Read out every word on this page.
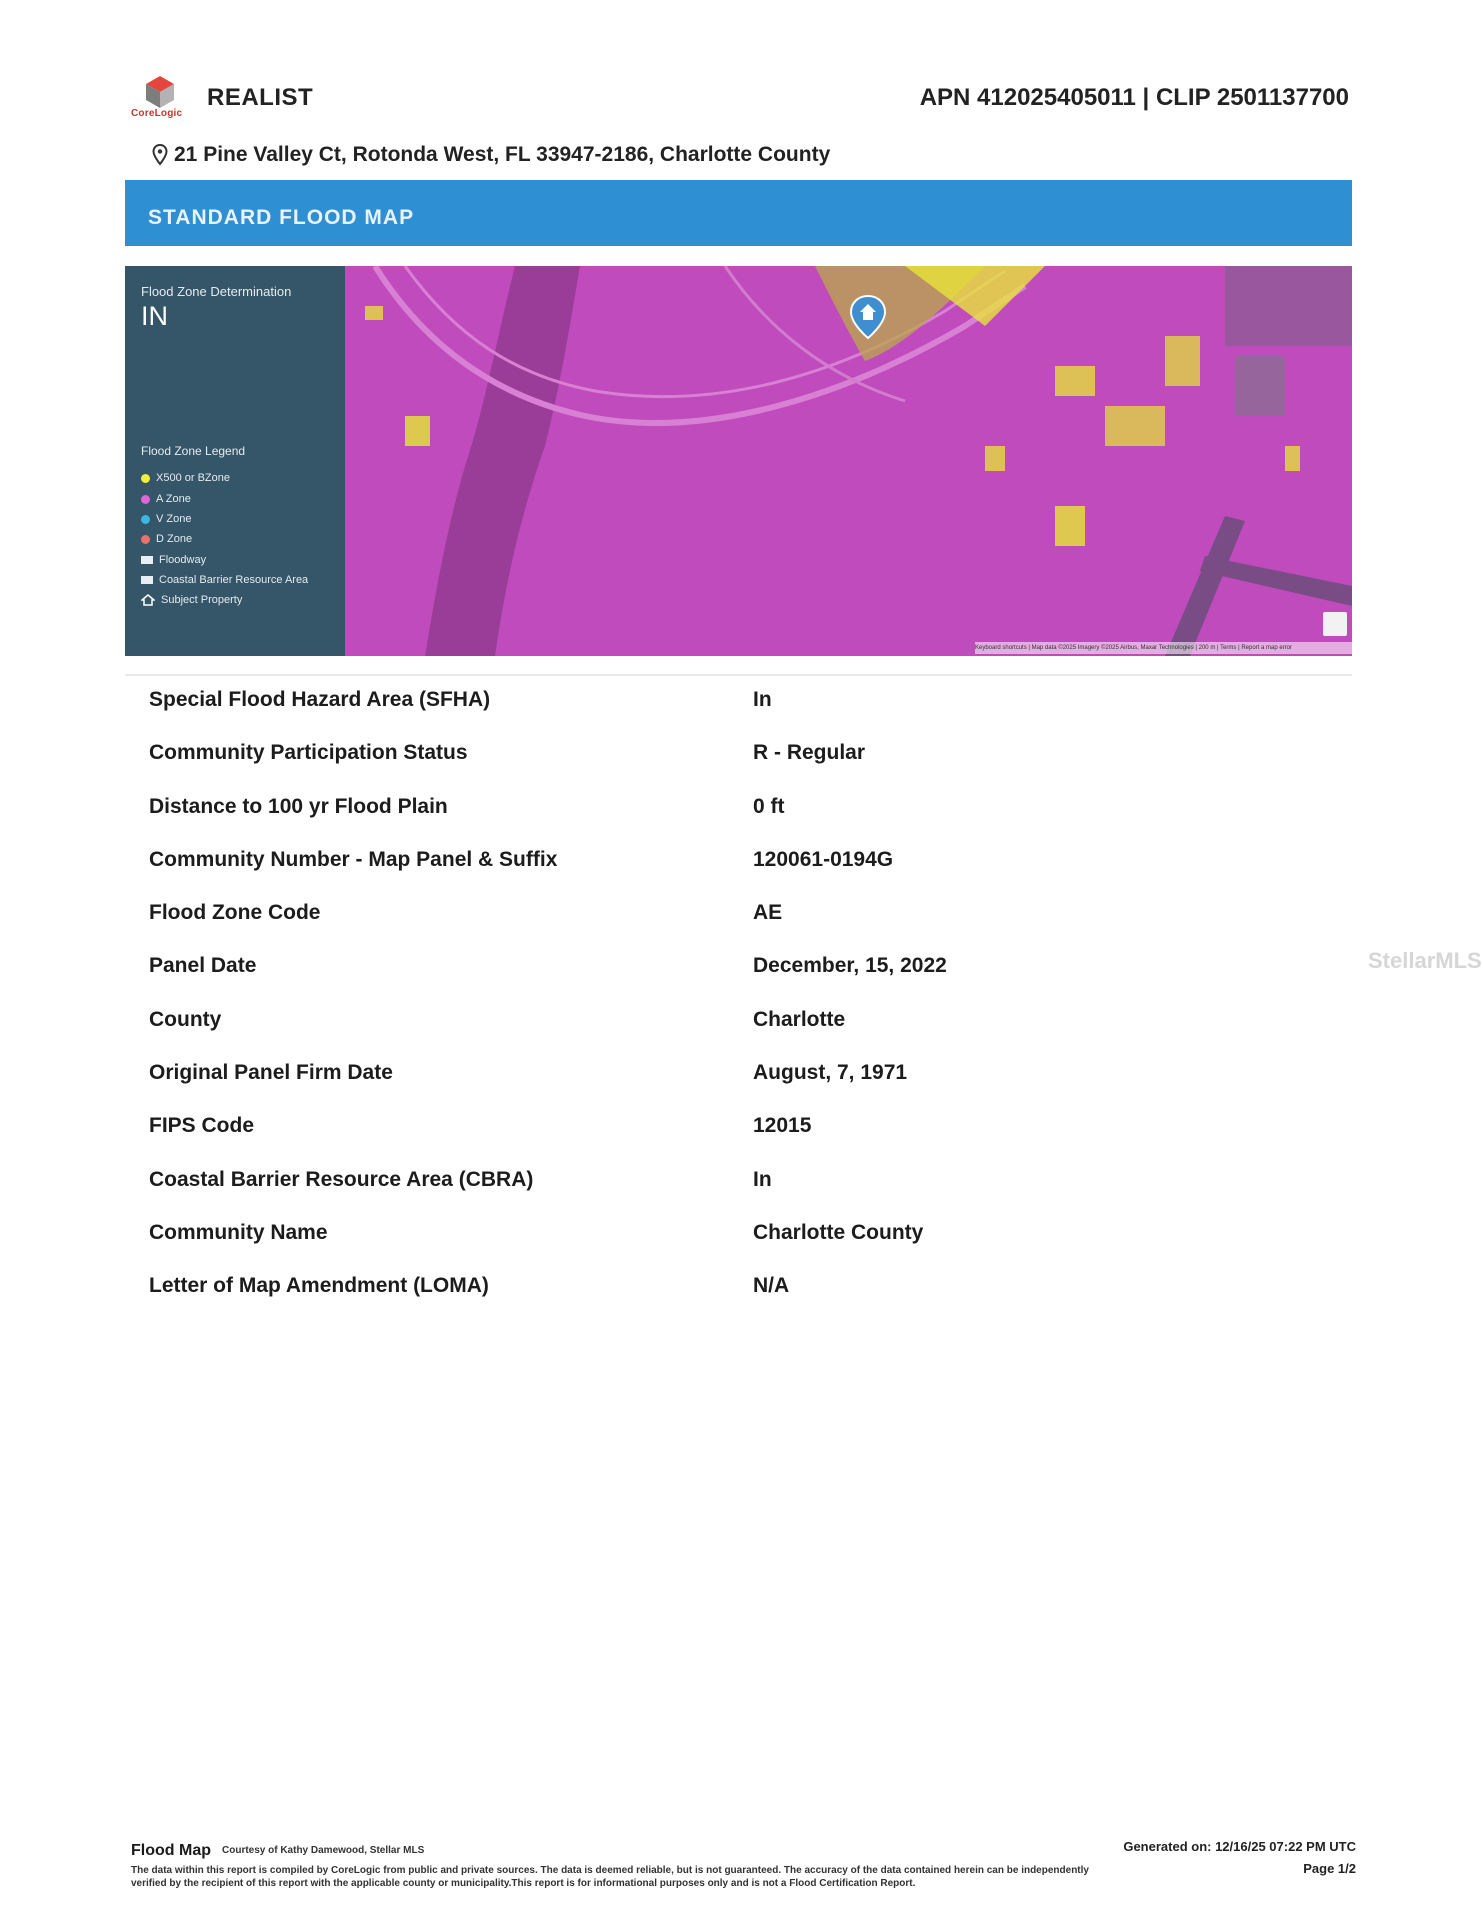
CoreLogic
REALIST	APN 412025405011 | CLIP 2501137700
21 Pine Valley Ct, Rotonda West, FL 33947-2186, Charlotte County
STANDARD FLOOD MAP
Flood Zone Determination
IN
Flood Zone Legend
X500 or BZone
A Zone
V Zone
D Zone
Floodway
Coastal Barrier Resource Area
Subject Property
Keyboard shortcuts | Map data ©2025 Imagery ©2025 Airbus, Maxar Technologies | 200 m | Terms | Report a map error
Special Flood Hazard Area (SFHA)	In
Community Participation Status	R - Regular
Distance to 100 yr Flood Plain	0 ft
Community Number - Map Panel & Suffix	120061-0194G
Flood Zone Code	AE
Panel Date	December, 15, 2022
County	Charlotte
Original Panel Firm Date	August, 7, 1971
FIPS Code	12015
Coastal Barrier Resource Area (CBRA)	In
Community Name	Charlotte County
Letter of Map Amendment (LOMA)	N/A
StellarMLS
Flood Map Courtesy of Kathy Damewood, Stellar MLS
The data within this report is compiled by CoreLogic from public and private sources. The data is deemed reliable, but is not guaranteed. The accuracy of the data contained herein can be independently verified by the recipient of this report with the applicable county or municipality.This report is for informational purposes only and is not a Flood Certification Report.
Generated on: 12/16/25 07:22 PM UTC
Page 1/2
